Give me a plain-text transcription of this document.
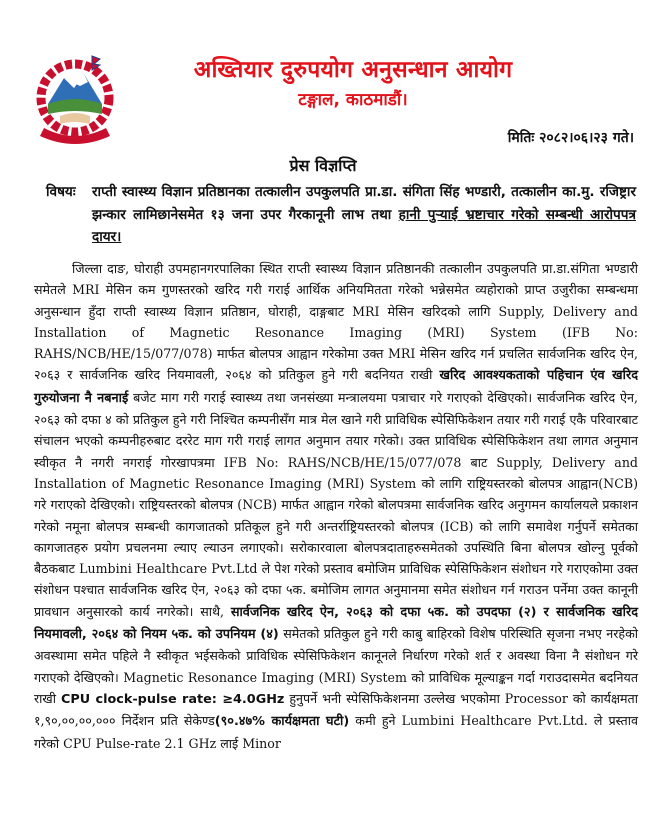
अख्तियार दुरुपयोग अनुसन्धान आयोग
टङ्गाल, काठमाडौं।
मितिः २०८२।०६।२३ गते।
प्रेस विज्ञप्ति
विषयः	राप्ती स्वास्थ्य विज्ञान प्रतिष्ठानका तत्कालीन उपकुलपति प्रा.डा. संगिता सिंह भण्डारी, तत्कालीन का.मु. रजिष्ट्रार झन्कार लामिछानेसमेत १३ जना उपर गैरकानूनी लाभ तथा हानी पुऱ्याई भ्रष्टाचार गरेको सम्बन्धी आरोपपत्र दायर।

जिल्ला दाङ, घोराही उपमहानगरपालिका स्थित राप्ती स्वास्थ्य विज्ञान प्रतिष्ठानकी तत्कालीन उपकुलपति प्रा.डा.संगिता भण्डारी समेतले MRI मेसिन कम गुणस्तरको खरिद गरी गराई आर्थिक अनियमितता गरेको भन्नेसमेत व्यहोराको प्राप्त उजुरीका सम्बन्धमा अनुसन्धान हुँदा राप्ती स्वास्थ्य विज्ञान प्रतिष्ठान, घोराही, दाङ्गबाट MRI मेसिन खरिदको लागि Supply, Delivery and Installation of Magnetic Resonance Imaging (MRI) System (IFB No: RAHS/NCB/HE/15/077/078) मार्फत बोलपत्र आह्वान गरेकोमा उक्त MRI मेसिन खरिद गर्न प्रचलित सार्वजनिक खरिद ऐन, २०६३ र सार्वजनिक खरिद नियमावली, २०६४ को प्रतिकुल हुने गरी बदनियत राखी खरिद आवश्यकताको पहिचान एंव खरिद गुरुयोजना नै नबनाई बजेट माग गरी गराई स्वास्थ्य तथा जनसंख्या मन्त्रालयमा पत्राचार गरे गराएको देखिएको। सार्वजनिक खरिद ऐन, २०६३ को दफा ४ को प्रतिकुल हुने गरी निश्चित कम्पनीसँग मात्र मेल खाने गरी प्राविधिक स्पेसिफिकेशन तयार गरी गराई एकै परिवारबाट संचालन भएको कम्पनीहरुबाट दररेट माग गरी गराई लागत अनुमान तयार गरेको। उक्त प्राविधिक स्पेसिफिकेशन तथा लागत अनुमान स्वीकृत नै नगरी नगराई गोरखापत्रमा IFB No: RAHS/NCB/HE/15/077/078 बाट Supply, Delivery and Installation of Magnetic Resonance Imaging (MRI) System को लागि राष्ट्रियस्तरको बोलपत्र आह्वान(NCB) गरे गराएको देखिएको। राष्ट्रियस्तरको बोलपत्र (NCB) मार्फत आह्वान गरेको बोलपत्रमा सार्वजनिक खरिद अनुगमन कार्यालयले प्रकाशन गरेको नमूना बोलपत्र सम्बन्धी कागजातको प्रतिकूल हुने गरी अन्तर्राष्ट्रियस्तरको बोलपत्र (ICB) को लागि समावेश गर्नुपर्ने समेतका कागजातहरु प्रयोग प्रचलनमा ल्याए ल्याउन लगाएको। सरोकारवाला बोलपत्रदाताहरुसमेतको उपस्थिति बिना बोलपत्र खोल्नु पूर्वको बैठकबाट Lumbini Healthcare Pvt.Ltd ले पेश गरेको प्रस्ताव बमोजिम प्राविधिक स्पेसिफिकेशन संशोधन गरे गराएकोमा उक्त संशोधन पश्चात सार्वजनिक खरिद ऐन, २०६३ को दफा ५क. बमोजिम लागत अनुमानमा समेत संशोधन गर्न गराउन पर्नेमा उक्त कानूनी प्रावधान अनुसारको कार्य नगरेको। साथै, सार्वजनिक खरिद ऐन, २०६३ को दफा ५क. को उपदफा (२) र सार्वजनिक खरिद नियमावली, २०६४ को नियम ५क. को उपनियम (४) समेतको प्रतिकुल हुने गरी काबु बाहिरको विशेष परिस्थिति सृजना नभए नरहेको अवस्थामा समेत पहिले नै स्वीकृत भईसकेको प्राविधिक स्पेसिफिकेशन कानूनले निर्धारण गरेको शर्त र अवस्था विना नै संशोधन गरे गराएको देखिएको। Magnetic Resonance Imaging (MRI) System को प्राविधिक मूल्याङ्कन गर्दा गराउदासमेत बदनियत राखी CPU clock-pulse rate: ≥4.0GHz हुनुपर्ने भनी स्पेसिफिकेशनमा उल्लेख भएकोमा Processor को कार्यक्षमता १,९०,००,००,००० निर्देशन प्रति सेकेण्ड(९०.४७% कार्यक्षमता घटी) कमी हुने Lumbini Healthcare Pvt.Ltd. ले प्रस्ताव गरेको CPU Pulse-rate 2.1 GHz लाई Minor
